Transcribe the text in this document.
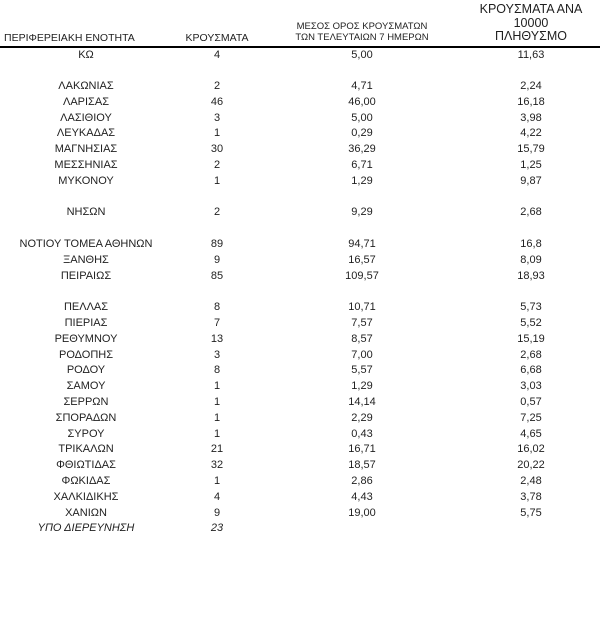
ΠΕΡΙΦΕΡΕΙΑΚΗ ΕΝΟΤΗΤΑ	ΚΡΟΥΣΜΑΤΑ	ΜΕΣΟΣ ΟΡΟΣ ΚΡΟΥΣΜΑΤΩΝ
ΤΩΝ ΤΕΛΕΥΤΑΙΩΝ 7 ΗΜΕΡΩΝ	ΚΡΟΥΣΜΑΤΑ ΑΝΑ 10000
ΠΛΗΘΥΣΜΟ

ΚΩ	4	5,00	11,63

ΛΑΚΩΝΙΑΣ	2	4,71	2,24
ΛΑΡΙΣΑΣ	46	46,00	16,18
ΛΑΣΙΘΙΟΥ	3	5,00	3,98
ΛΕΥΚΑΔΑΣ	1	0,29	4,22
ΜΑΓΝΗΣΙΑΣ	30	36,29	15,79
ΜΕΣΣΗΝΙΑΣ	2	6,71	1,25
ΜΥΚΟΝΟΥ	1	1,29	9,87

ΝΗΣΩΝ	2	9,29	2,68

ΝΟΤΙΟΥ ΤΟΜΕΑ ΑΘΗΝΩΝ	89	94,71	16,8
ΞΑΝΘΗΣ	9	16,57	8,09
ΠΕΙΡΑΙΩΣ	85	109,57	18,93

ΠΕΛΛΑΣ	8	10,71	5,73
ΠΙΕΡΙΑΣ	7	7,57	5,52
ΡΕΘΥΜΝΟΥ	13	8,57	15,19
ΡΟΔΟΠΗΣ	3	7,00	2,68
ΡΟΔΟΥ	8	5,57	6,68
ΣΑΜΟΥ	1	1,29	3,03
ΣΕΡΡΩΝ	1	14,14	0,57
ΣΠΟΡΑΔΩΝ	1	2,29	7,25
ΣΥΡΟΥ	1	0,43	4,65
ΤΡΙΚΑΛΩΝ	21	16,71	16,02
ΦΘΙΩΤΙΔΑΣ	32	18,57	20,22
ΦΩΚΙΔΑΣ	1	2,86	2,48
ΧΑΛΚΙΔΙΚΗΣ	4	4,43	3,78
ΧΑΝΙΩΝ	9	19,00	5,75
ΥΠΟ ΔΙΕΡΕΥΝΗΣΗ	23		
